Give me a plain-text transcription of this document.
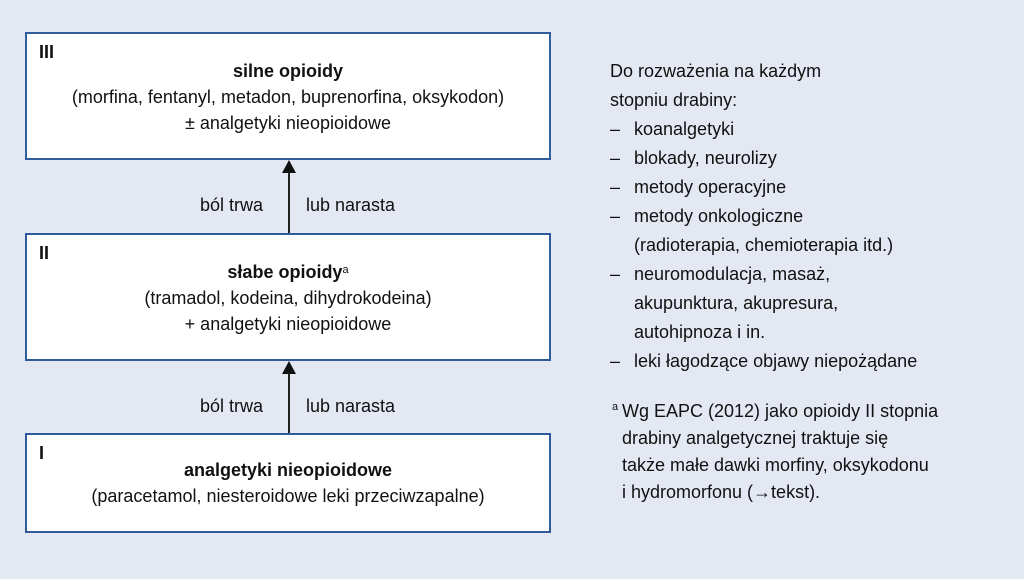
III
silne opioidy
(morfina, fentanyl, metadon, buprenorfina, oksykodon)
± analgetyki nieopioidowe
ból trwa lub narasta
II
słabe opioidy$^a$
(tramadol, kodeina, dihydrokodeina)
+ analgetyki nieopioidowe
ból trwa lub narasta
I
analgetyki nieopioidowe
(paracetamol, niesteroidowe leki przeciwzapalne)
Do rozważenia na każdym
stopniu drabiny:
– koanalgetyki
– blokady, neurolizy
– metody operacyjne
– metody onkologiczne
(radioterapia, chemioterapia itd.)
– neuromodulacja, masaż,
akupunktura, akupresura,
autohipnoza i in.
– leki łagodzące objawy niepożądane
a Wg EAPC (2012) jako opioidy II stopnia
drabiny analgetycznej traktuje się
także małe dawki morfiny, oksykodonu
i hydromorfonu (→tekst).
